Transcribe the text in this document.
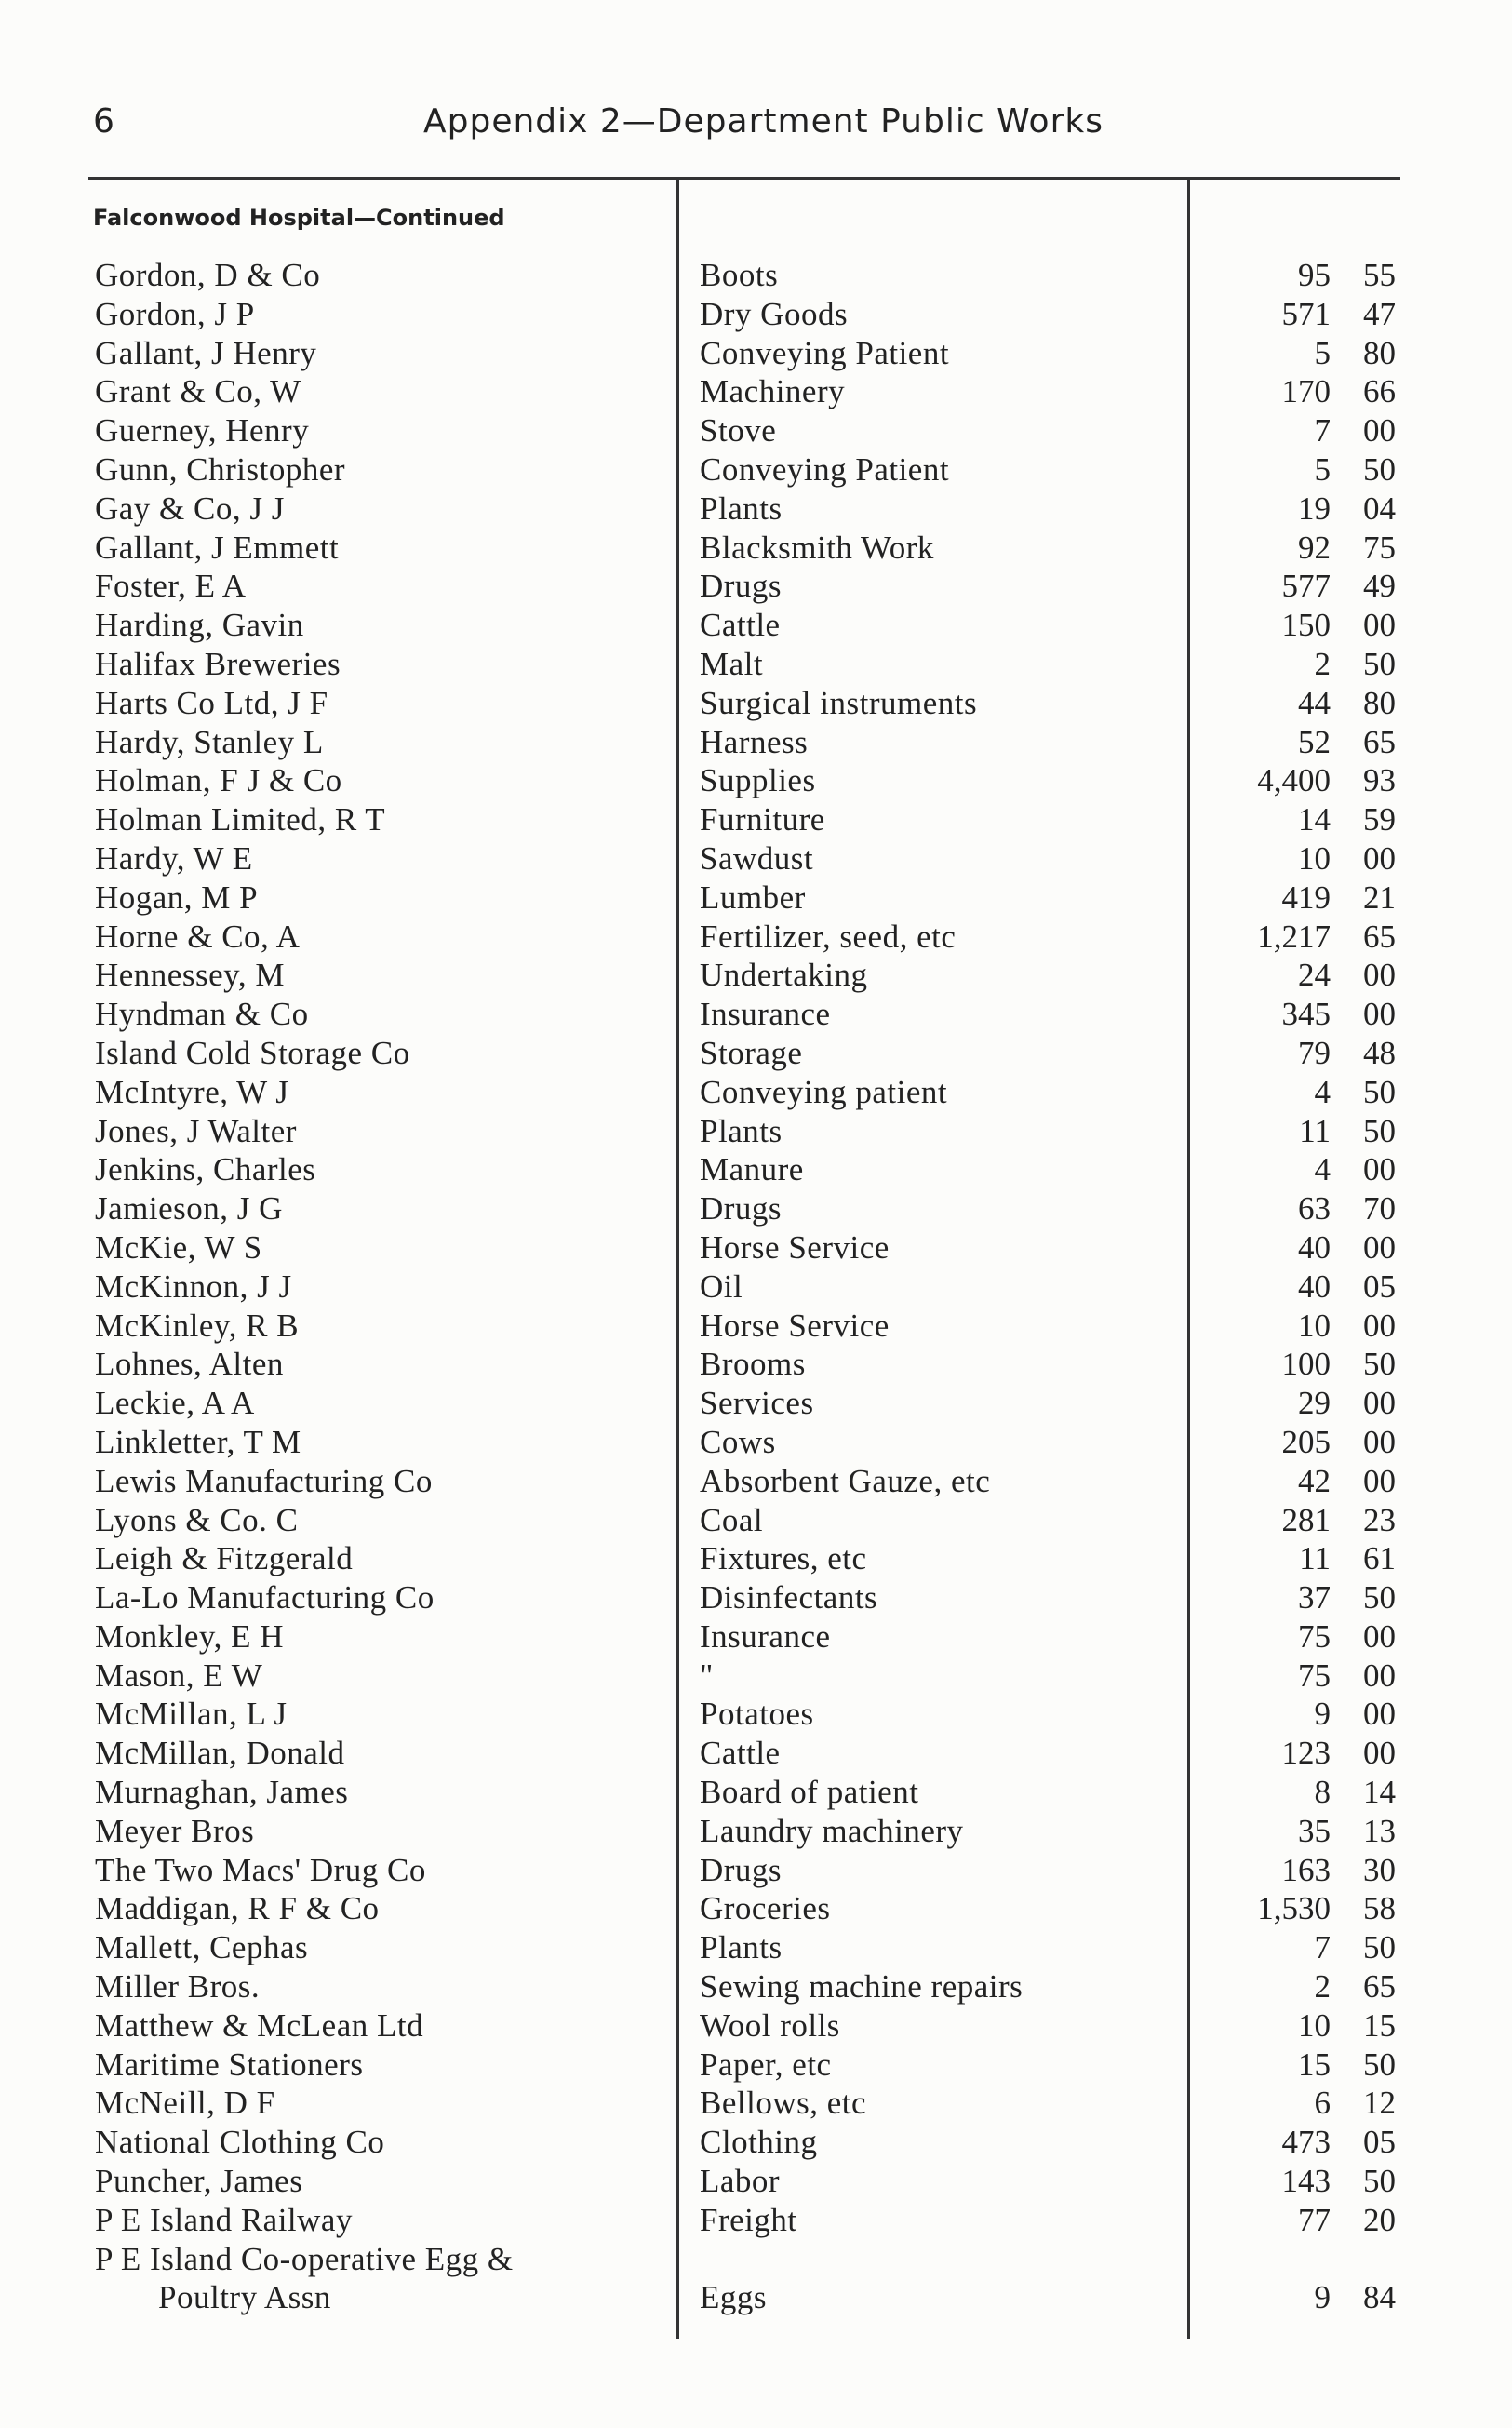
6	Appendix 2—Department Public Works
Falconwood Hospital—Continued
Gordon, D & Co	Boots	95	55
Gordon, J P	Dry Goods	571	47
Gallant, J Henry	Conveying Patient	5	80
Grant & Co, W	Machinery	170	66
Guerney, Henry	Stove	7	00
Gunn, Christopher	Conveying Patient	5	50
Gay & Co, J J	Plants	19	04
Gallant, J Emmett	Blacksmith Work	92	75
Foster, E A	Drugs	577	49
Harding, Gavin	Cattle	150	00
Halifax Breweries	Malt	2	50
Harts Co Ltd, J F	Surgical instruments	44	80
Hardy, Stanley L	Harness	52	65
Holman, F J & Co	Supplies	4,400	93
Holman Limited, R T	Furniture	14	59
Hardy, W E	Sawdust	10	00
Hogan, M P	Lumber	419	21
Horne & Co, A	Fertilizer, seed, etc	1,217	65
Hennessey, M	Undertaking	24	00
Hyndman & Co	Insurance	345	00
Island Cold Storage Co	Storage	79	48
McIntyre, W J	Conveying patient	4	50
Jones, J Walter	Plants	11	50
Jenkins, Charles	Manure	4	00
Jamieson, J G	Drugs	63	70
McKie, W S	Horse Service	40	00
McKinnon, J J	Oil	40	05
McKinley, R B	Horse Service	10	00
Lohnes, Alten	Brooms	100	50
Leckie, A A	Services	29	00
Linkletter, T M	Cows	205	00
Lewis Manufacturing Co	Absorbent Gauze, etc	42	00
Lyons & Co. C	Coal	281	23
Leigh & Fitzgerald	Fixtures, etc	11	61
La-Lo Manufacturing Co	Disinfectants	37	50
Monkley, E H	Insurance	75	00
Mason, E W	"	75	00
McMillan, L J	Potatoes	9	00
McMillan, Donald	Cattle	123	00
Murnaghan, James	Board of patient	8	14
Meyer Bros	Laundry machinery	35	13
The Two Macs' Drug Co	Drugs	163	30
Maddigan, R F & Co	Groceries	1,530	58
Mallett, Cephas	Plants	7	50
Miller Bros.	Sewing machine repairs	2	65
Matthew & McLean Ltd	Wool rolls	10	15
Maritime Stationers	Paper, etc	15	50
McNeill, D F	Bellows, etc	6	12
National Clothing Co	Clothing	473	05
Puncher, James	Labor	143	50
P E Island Railway	Freight	77	20
P E Island Co-operative Egg &
Poultry Assn	Eggs	9	84
